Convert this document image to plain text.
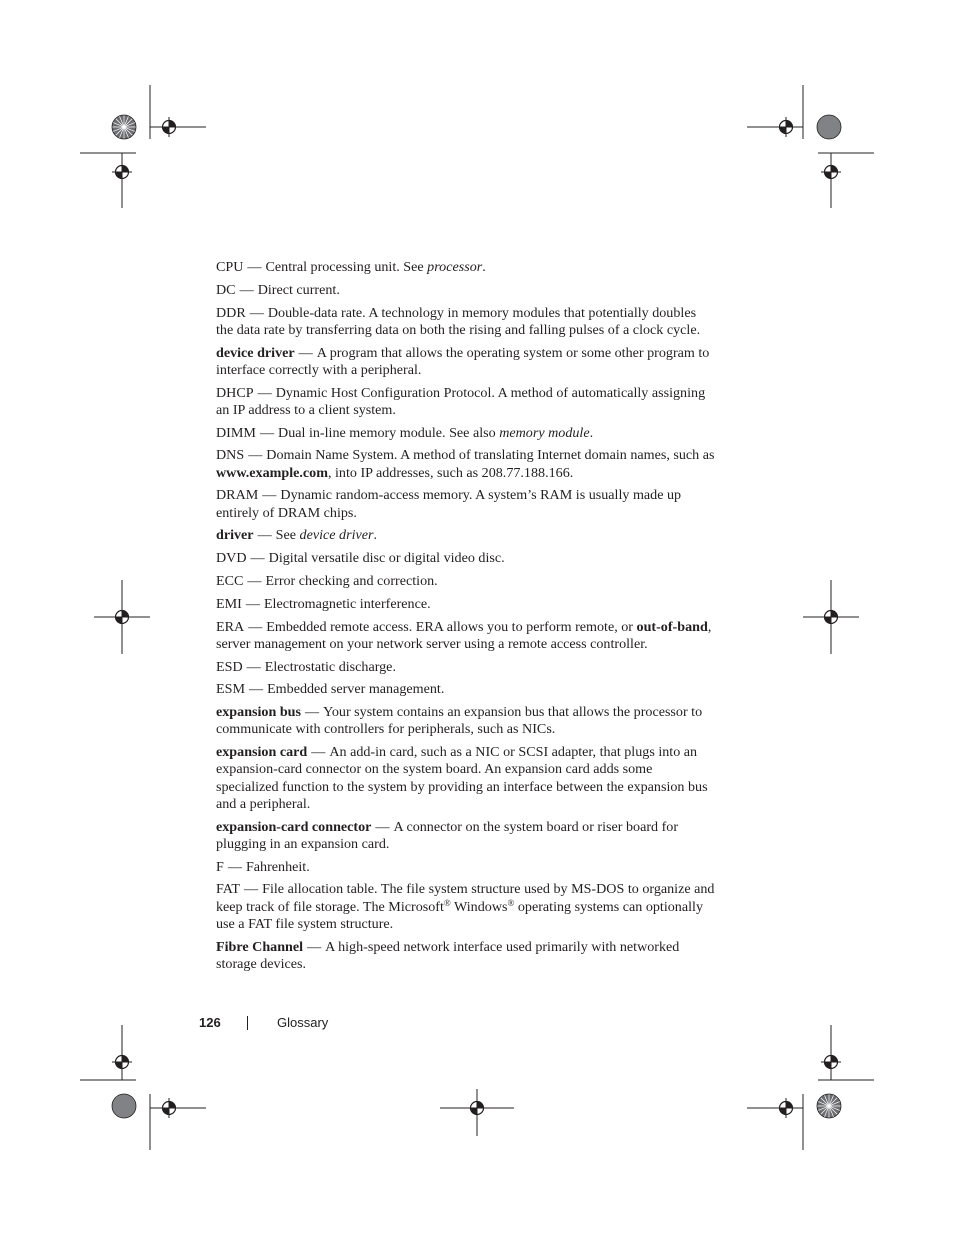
CPU — Central processing unit. See processor.

DC — Direct current.

DDR — Double-data rate. A technology in memory modules that potentially doubles the data rate by transferring data on both the rising and falling pulses of a clock cycle.

device driver — A program that allows the operating system or some other program to interface correctly with a peripheral.

DHCP — Dynamic Host Configuration Protocol. A method of automatically assigning an IP address to a client system.

DIMM — Dual in-line memory module. See also memory module.

DNS — Domain Name System. A method of translating Internet domain names, such as www.example.com, into IP addresses, such as 208.77.188.166.

DRAM — Dynamic random-access memory. A system’s RAM is usually made up entirely of DRAM chips.

driver — See device driver.

DVD — Digital versatile disc or digital video disc.

ECC — Error checking and correction.

EMI — Electromagnetic interference.

ERA — Embedded remote access. ERA allows you to perform remote, or out-of-band, server management on your network server using a remote access controller.

ESD — Electrostatic discharge.

ESM — Embedded server management.

expansion bus — Your system contains an expansion bus that allows the processor to communicate with controllers for peripherals, such as NICs.

expansion card — An add-in card, such as a NIC or SCSI adapter, that plugs into an expansion-card connector on the system board. An expansion card adds some specialized function to the system by providing an interface between the expansion bus and a peripheral.

expansion-card connector — A connector on the system board or riser board for plugging in an expansion card.

F — Fahrenheit.

FAT — File allocation table. The file system structure used by MS-DOS to organize and keep track of file storage. The Microsoft® Windows® operating systems can optionally use a FAT file system structure.

Fibre Channel — A high-speed network interface used primarily with networked storage devices.

126	Glossary
